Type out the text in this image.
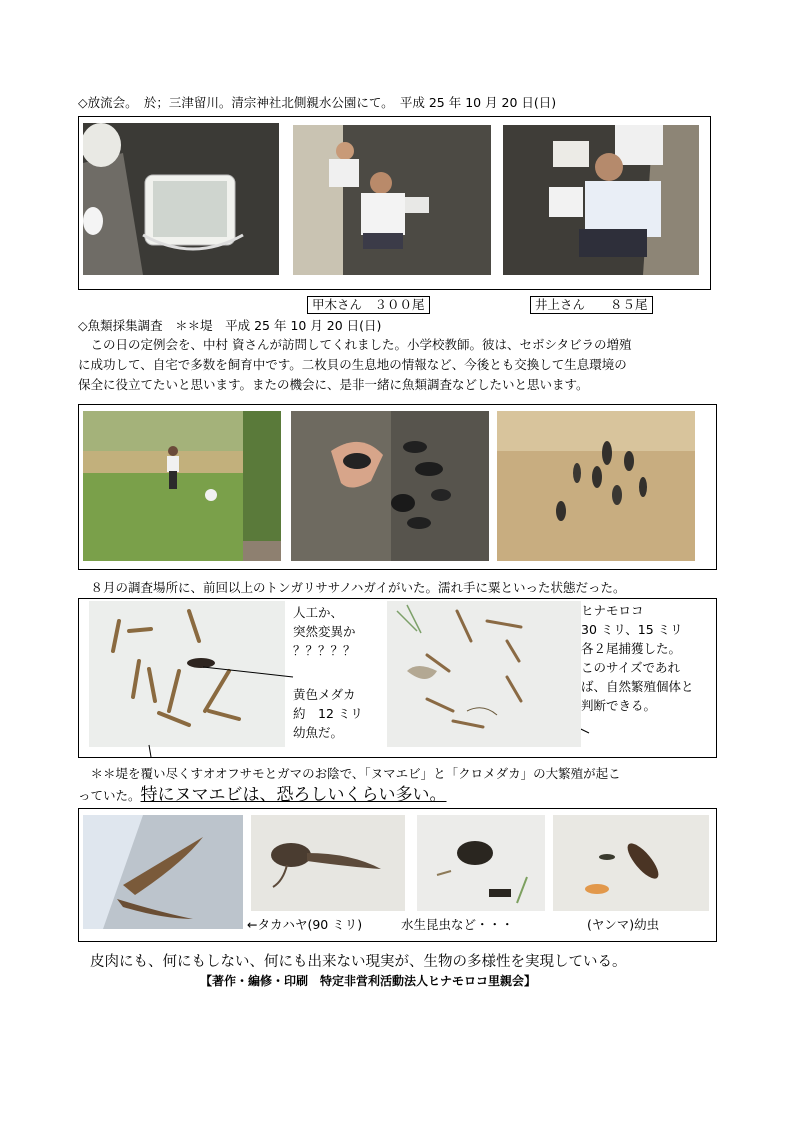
◇放流会。　於；三津留川。清宗神社北側親水公園にて。　平成 25 年 10 月 20 日(日)
甲木さん　３００尾	井上さん　　８５尾
◇魚類採集調査　＊＊堤　平成 25 年 10 月 20 日(日)
　この日の定例会を、中村 資さんが訪問してくれました。小学校教師。彼は、セボシタビラの増殖
に成功して、自宅で多数を飼育中です。二枚貝の生息地の情報など、今後とも交換して生息環境の
保全に役立てたいと思います。またの機会に、是非一緒に魚類調査などしたいと思います。
　８月の調査場所に、前回以上のトンガリササノハガイがいた。濡れ手に粟といった状態だった。
人工か、
突然変異か
？？？？？
黄色メダカ
約　12 ミリ
幼魚だ。
ヒナモロコ
30 ミリ、15 ミリ
各２尾捕獲した。
このサイズであれ
ば、自然繁殖個体と
判断できる。
　＊＊堤を覆い尽くすオオフサモとガマのお陰で、「ヌマエビ」と「クロメダカ」の大繁殖が起こ
っていた。特にヌマエビは、恐ろしいくらい多い。
←タカハヤ(90 ミリ)	水生昆虫など・・・	(ヤンマ)幼虫
皮肉にも、何にもしない、何にも出来ない現実が、生物の多様性を実現している。
【著作・編修・印刷　特定非営利活動法人ヒナモロコ里親会】
